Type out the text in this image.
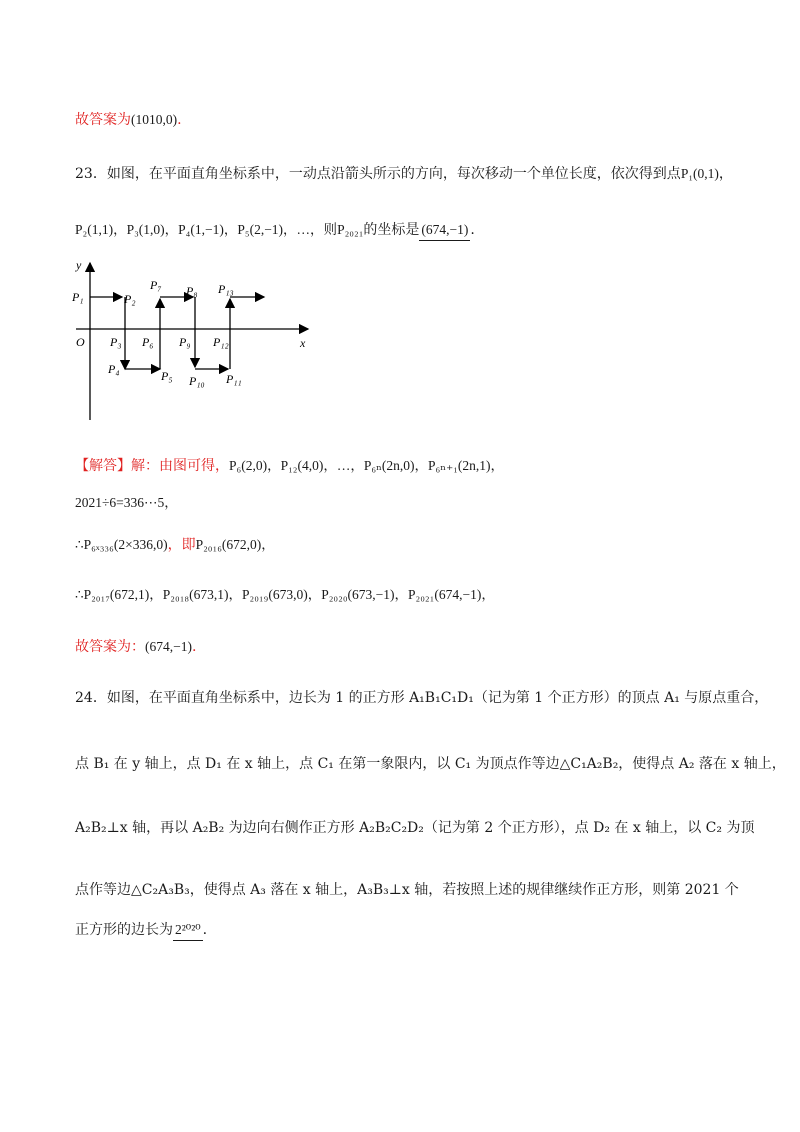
故答案为(1010,0).
23．如图，在平面直角坐标系中，一动点沿箭头所示的方向，每次移动一个单位长度，依次得到点P₁(0,1)，
P₂(1,1)，P₃(1,0)，P₄(1,−1)，P₅(2,−1)，…，则P₂₀₂₁的坐标是 (674,−1) .
y
x
O
P₁	P₂
P₃
P₄	P₅
P₆
P₇ P₈
P₉
P₁₀ P₁₁
P₁₂
P₁₃
【解答】解：由图可得，P₆(2,0)，P₁₂(4,0)，…，P₆ₙ(2n,0)，P₆ₙ₊₁(2n,1)，
2021÷6=336⋯5，
∴P₆ₓ₃₃₆(2×336,0)，即P₂₀₁₆(672,0)，
∴P₂₀₁₇(672,1)，P₂₀₁₈(673,1)，P₂₀₁₉(673,0)，P₂₀₂₀(673,−1)，P₂₀₂₁(674,−1)，
故答案为：(674,−1).
24．如图，在平面直角坐标系中，边长为 1 的正方形 A₁B₁C₁D₁（记为第 1 个正方形）的顶点 A₁ 与原点重合，
点 B₁ 在 y 轴上，点 D₁ 在 x 轴上，点 C₁ 在第一象限内，以 C₁ 为顶点作等边△C₁A₂B₂，使得点 A₂ 落在 x 轴上，
A₂B₂⊥x 轴，再以 A₂B₂ 为边向右侧作正方形 A₂B₂C₂D₂（记为第 2 个正方形），点 D₂ 在 x 轴上，以 C₂ 为顶
点作等边△C₂A₃B₃，使得点 A₃ 落在 x 轴上，A₃B₃⊥x 轴，若按照上述的规律继续作正方形，则第 2021 个
正方形的边长为 2²⁰²⁰ .
